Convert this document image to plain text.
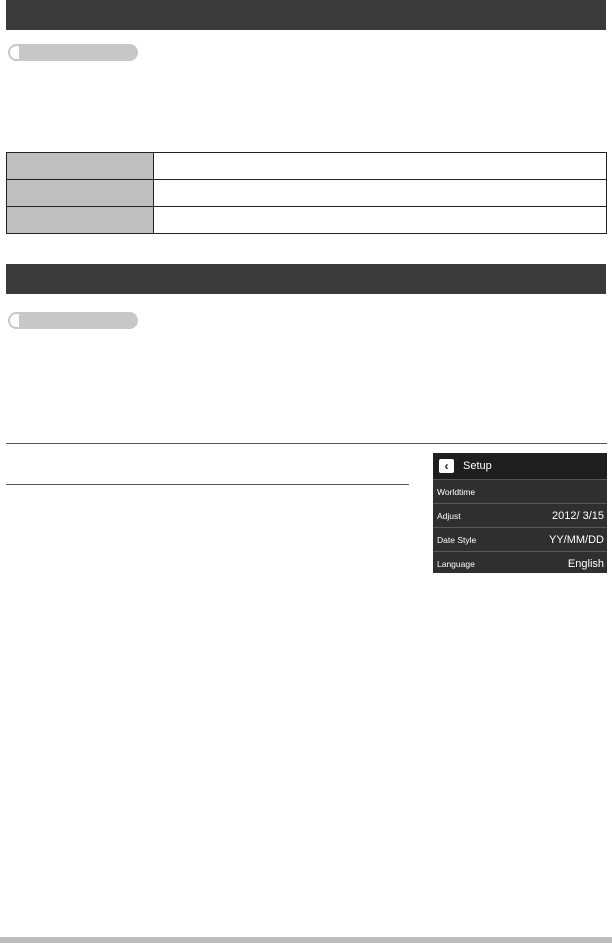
‹	Setup
Worldtime
Adjust	2012/ 3/15
Date Style	YY/MM/DD
Language	English
